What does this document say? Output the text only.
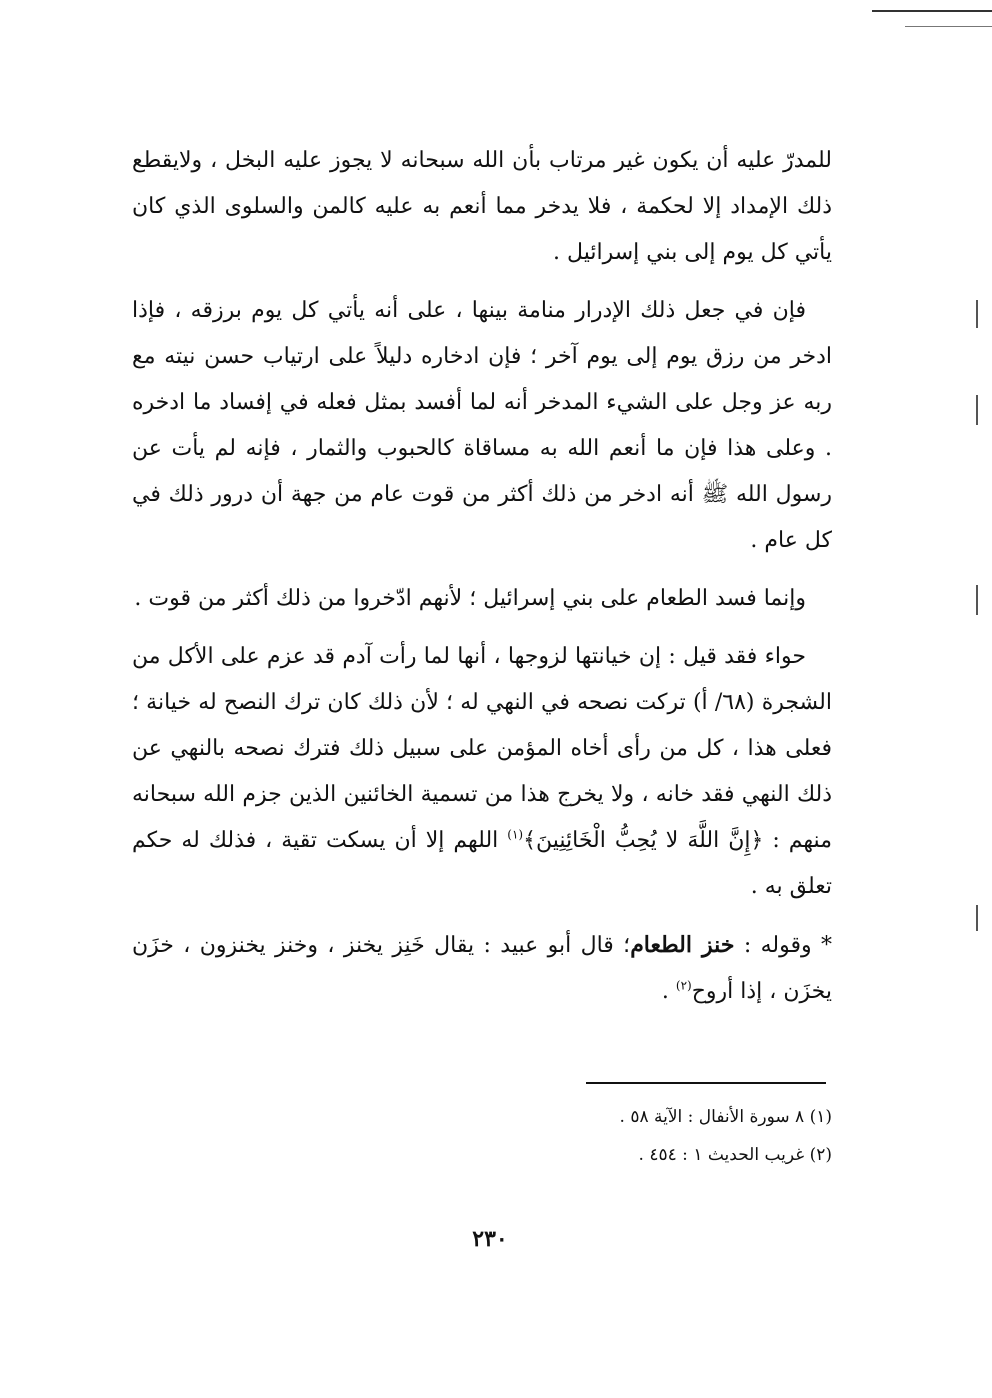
للمدرّ عليه أن يكون غير مرتاب بأن الله سبحانه لا يجوز عليه البخل ، ولايقطع ذلك الإمداد إلا لحكمة ، فلا يدخر مما أنعم به عليه كالمن والسلوى الذي كان يأتي كل يوم إلى بني إسرائيل .

فإن في جعل ذلك الإدرار منامة بينها ، على أنه يأتي كل يوم برزقه ، فإذا ادخر من رزق يوم إلى يوم آخر ؛ فإن ادخاره دليلاً على ارتياب حسن نيته مع ربه عز وجل على الشيء المدخر أنه لما أفسد بمثل فعله في إفساد ما ادخره . وعلى هذا فإن ما أنعم الله به مساقاة كالحبوب والثمار ، فإنه لم يأت عن رسول الله ﷺ أنه ادخر من ذلك أكثر من قوت عام من جهة أن درور ذلك في كل عام .

وإنما فسد الطعام على بني إسرائيل ؛ لأنهم ادّخروا من ذلك أكثر من قوت .

حواء فقد قيل : إن خيانتها لزوجها ، أنها لما رأت آدم قد عزم على الأكل من الشجرة (٦٨/ أ) تركت نصحه في النهي له ؛ لأن ذلك كان ترك النصح له خيانة ؛ فعلى هذا ، كل من رأى أخاه المؤمن على سبيل ذلك فترك نصحه بالنهي عن ذلك النهي فقد خانه ، ولا يخرج هذا من تسمية الخائنين الذين جزم الله سبحانه منهم : ﴿إِنَّ اللَّهَ لا يُحِبُّ الْخَائِنِينَ﴾$^{(١)}$ اللهم إلا أن يسكت تقية ، فذلك له حكم تعلق به .

* وقوله : خنز الطعام؛ قال أبو عبيد : يقال خَنِز يخنز ، وخنز يخنزون ، خزَن يخزَن ، إذا أروح$^{(٢)}$ .

(١) ٨ سورة الأنفال : الآية ٥٨ .

(٢) غريب الحديث ١ : ٤٥٤ .

٢٣٠
